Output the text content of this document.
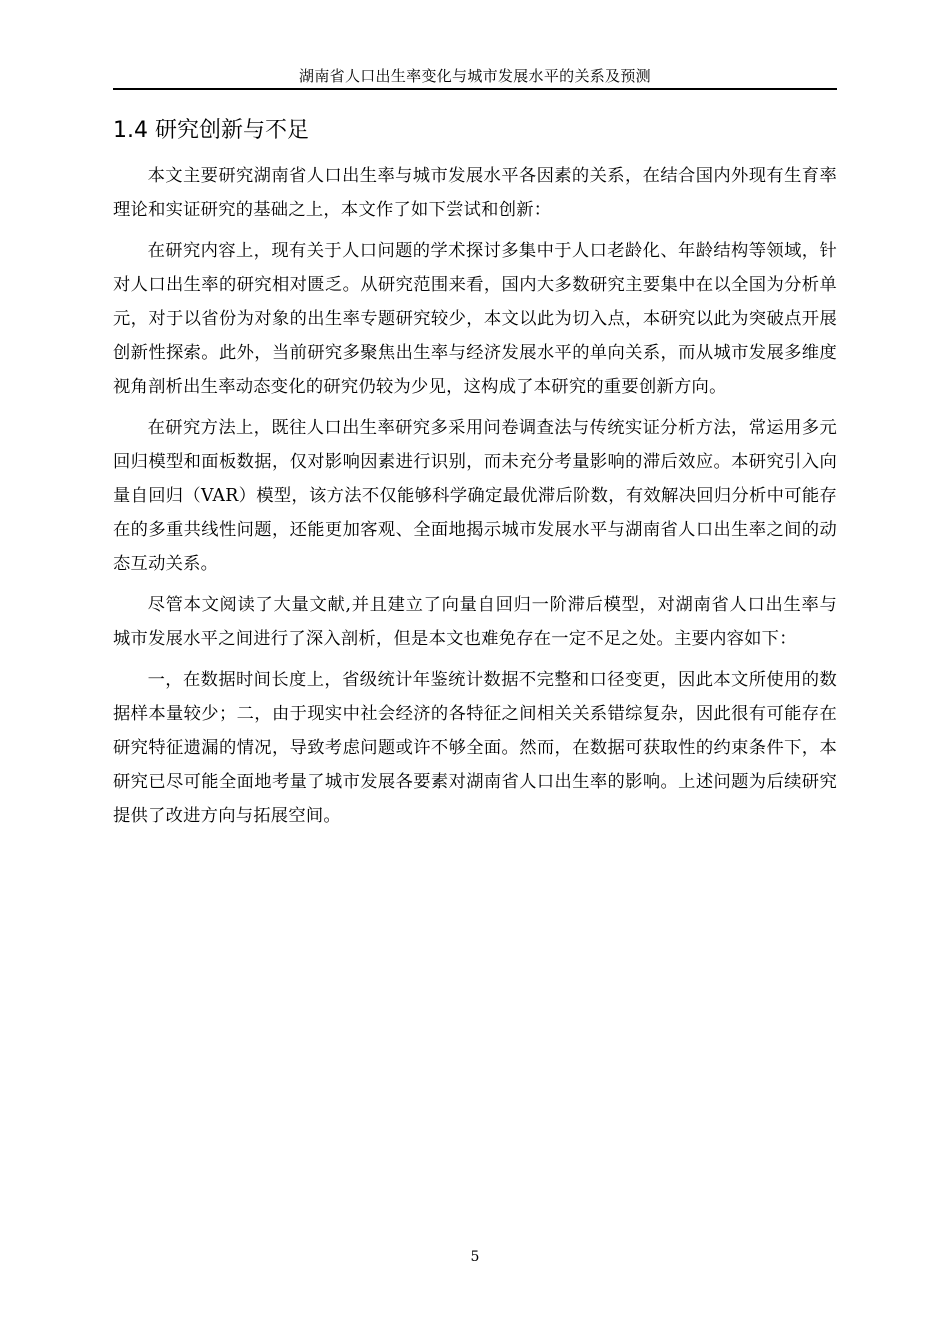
湖南省人口出生率变化与城市发展水平的关系及预测
1.4 研究创新与不足

本文主要研究湖南省人口出生率与城市发展水平各因素的关系，在结合国内外现有生育率理论和实证研究的基础之上，本文作了如下尝试和创新：

在研究内容上，现有关于人口问题的学术探讨多集中于人口老龄化、年龄结构等领域，针对人口出生率的研究相对匮乏。从研究范围来看，国内大多数研究主要集中在以全国为分析单元，对于以省份为对象的出生率专题研究较少，本文以此为切入点，本研究以此为突破点开展创新性探索。此外，当前研究多聚焦出生率与经济发展水平的单向关系，而从城市发展多维度视角剖析出生率动态变化的研究仍较为少见，这构成了本研究的重要创新方向。

在研究方法上，既往人口出生率研究多采用问卷调查法与传统实证分析方法，常运用多元回归模型和面板数据，仅对影响因素进行识别，而未充分考量影响的滞后效应。本研究引入向量自回归（VAR）模型，该方法不仅能够科学确定最优滞后阶数，有效解决回归分析中可能存在的多重共线性问题，还能更加客观、全面地揭示城市发展水平与湖南省人口出生率之间的动态互动关系。

尽管本文阅读了大量文献,并且建立了向量自回归一阶滞后模型，对湖南省人口出生率与城市发展水平之间进行了深入剖析，但是本文也难免存在一定不足之处。主要内容如下：

一，在数据时间长度上，省级统计年鉴统计数据不完整和口径变更，因此本文所使用的数据样本量较少；二，由于现实中社会经济的各特征之间相关关系错综复杂，因此很有可能存在研究特征遗漏的情况，导致考虑问题或许不够全面。然而，在数据可获取性的约束条件下，本研究已尽可能全面地考量了城市发展各要素对湖南省人口出生率的影响。上述问题为后续研究提供了改进方向与拓展空间。

5
